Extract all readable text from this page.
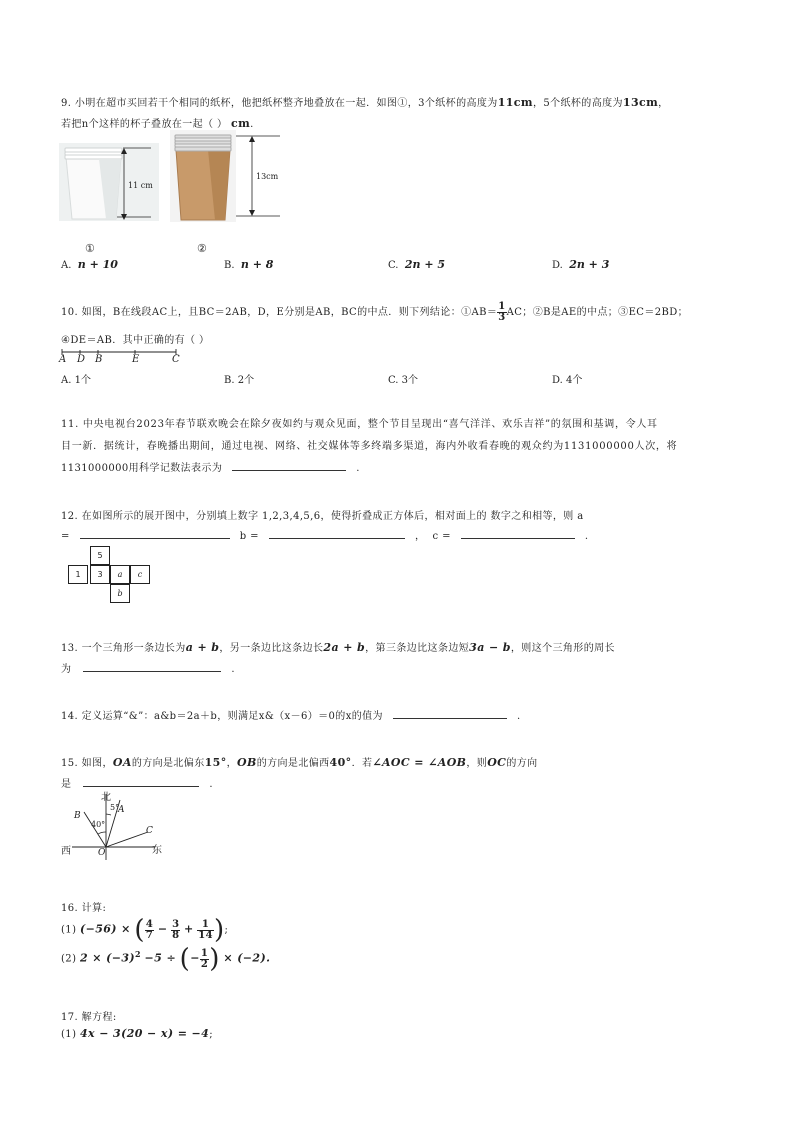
9. 小明在超市买回若干个相同的纸杯，他把纸杯整齐地叠放在一起．如图①，3个纸杯的高度为11cm，5个纸杯的高度为13cm，
若把n个这样的杯子叠放在一起（ ） cm.
11 cm
13cm
①	②
A. n + 10	B. n + 8	C. 2n + 5	D. 2n + 3
10. 如图，B在线段AC上，且BC＝2AB，D，E分别是AB，BC的中点．则下列结论：①AB＝ $\frac{1}{3}$ AC；②B是AE的中点；③EC＝2BD；
④DE＝AB．其中正确的有（ ）
A D B	E	C
A. 1个	B. 2个	C. 3个	D. 4个
11. 中央电视台2023年春节联欢晚会在除夕夜如约与观众见面，整个节目呈现出“喜气洋洋、欢乐吉祥”的氛围和基调，令人耳
目一新．据统计，春晚播出期间，通过电视、网络、社交媒体等多终端多渠道，海内外收看春晚的观众约为1131000000人次，将
1131000000用科学记数法表示为	.
12. 在如图所示的展开图中，分别填上数字 1,2,3,4,5,6，使得折叠成正方体后，相对面上的 数字之和相等，则 a
=	b =	， c =	.
5
1	3	a	c
b
13. 一个三角形一条边长为a + b，另一条边比这条边长2a + b，第三条边比这条边短3a − b，则这个三角形的周长
为	.
14. 定义运算“&”：a&b＝2a＋b，则满足x&（x－6）＝0的x的值为	.
15. 如图，OA的方向是北偏东15°，OB的方向是北偏西40°．若∠AOC = ∠AOB，则OC的方向
是	.
北
5°
A
B
40°
C
西	东
O
16. 计算:
(1) (−56) × ( $\frac{4}{7} - \frac{3}{8} + \frac{1}{14}$ );
(2) $2 \times (-3)^2 -5$ ÷ (− $\frac{1}{2}$ ) × (−2).
17. 解方程:
(1) 4x − 3(20 − x) = −4;
